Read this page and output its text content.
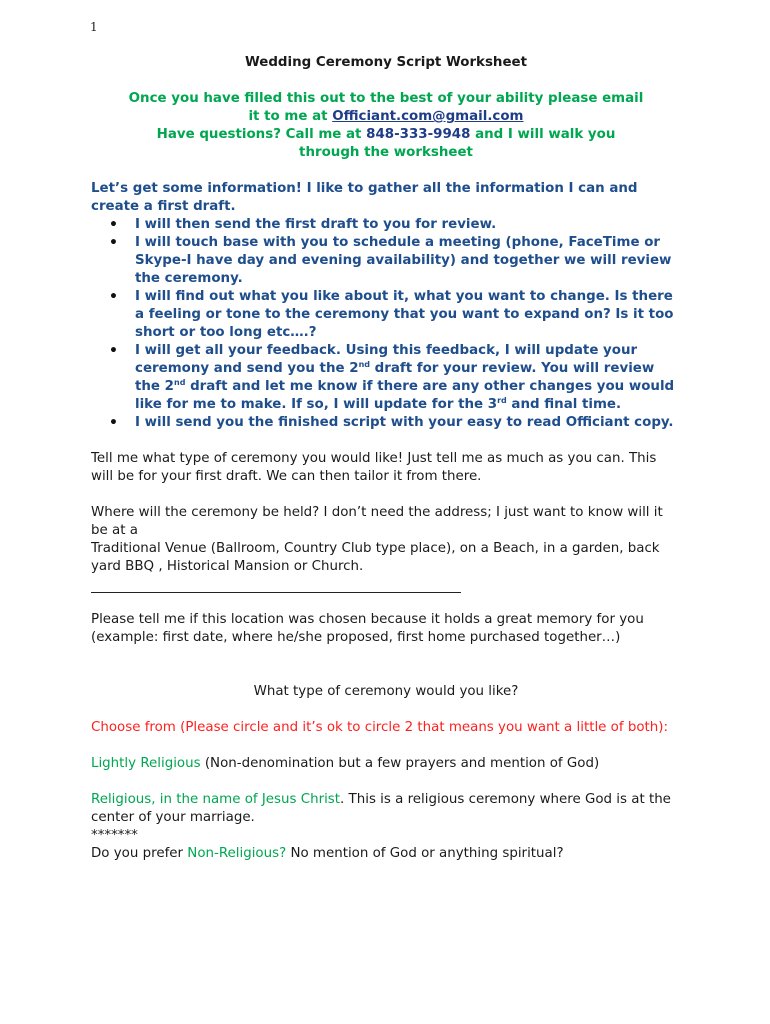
1

Wedding Ceremony Script Worksheet

Once you have filled this out to the best of your ability please email
it to me at Officiant.com@gmail.com
Have questions? Call me at 848-333-9948 and I will walk you
through the worksheet

Let’s get some information! I like to gather all the information I can and create a first draft.

• I will then send the first draft to you for review.
• I will touch base with you to schedule a meeting (phone, FaceTime or Skype-I have day and evening availability) and together we will review the ceremony.
• I will find out what you like about it, what you want to change. Is there a feeling or tone to the ceremony that you want to expand on? Is it too short or too long etc….?
• I will get all your feedback. Using this feedback, I will update your ceremony and send you the 2nd draft for your review. You will review the 2nd draft and let me know if there are any other changes you would like for me to make. If so, I will update for the 3rd and final time.
• I will send you the finished script with your easy to read Officiant copy.

Tell me what type of ceremony you would like! Just tell me as much as you can. This will be for your first draft. We can then tailor it from there.

Where will the ceremony be held? I don’t need the address; I just want to know will it be at a

Traditional Venue (Ballroom, Country Club type place), on a Beach, in a garden, back yard BBQ , Historical Mansion or Church.

Please tell me if this location was chosen because it holds a great memory for you (example: first date, where he/she proposed, first home purchased together…)

What type of ceremony would you like?

Choose from (Please circle and it’s ok to circle 2 that means you want a little of both):

Lightly Religious (Non-denomination but a few prayers and mention of God)

Religious, in the name of Jesus Christ. This is a religious ceremony where God is at the center of your marriage.

*******

Do you prefer Non-Religious? No mention of God or anything spiritual?
